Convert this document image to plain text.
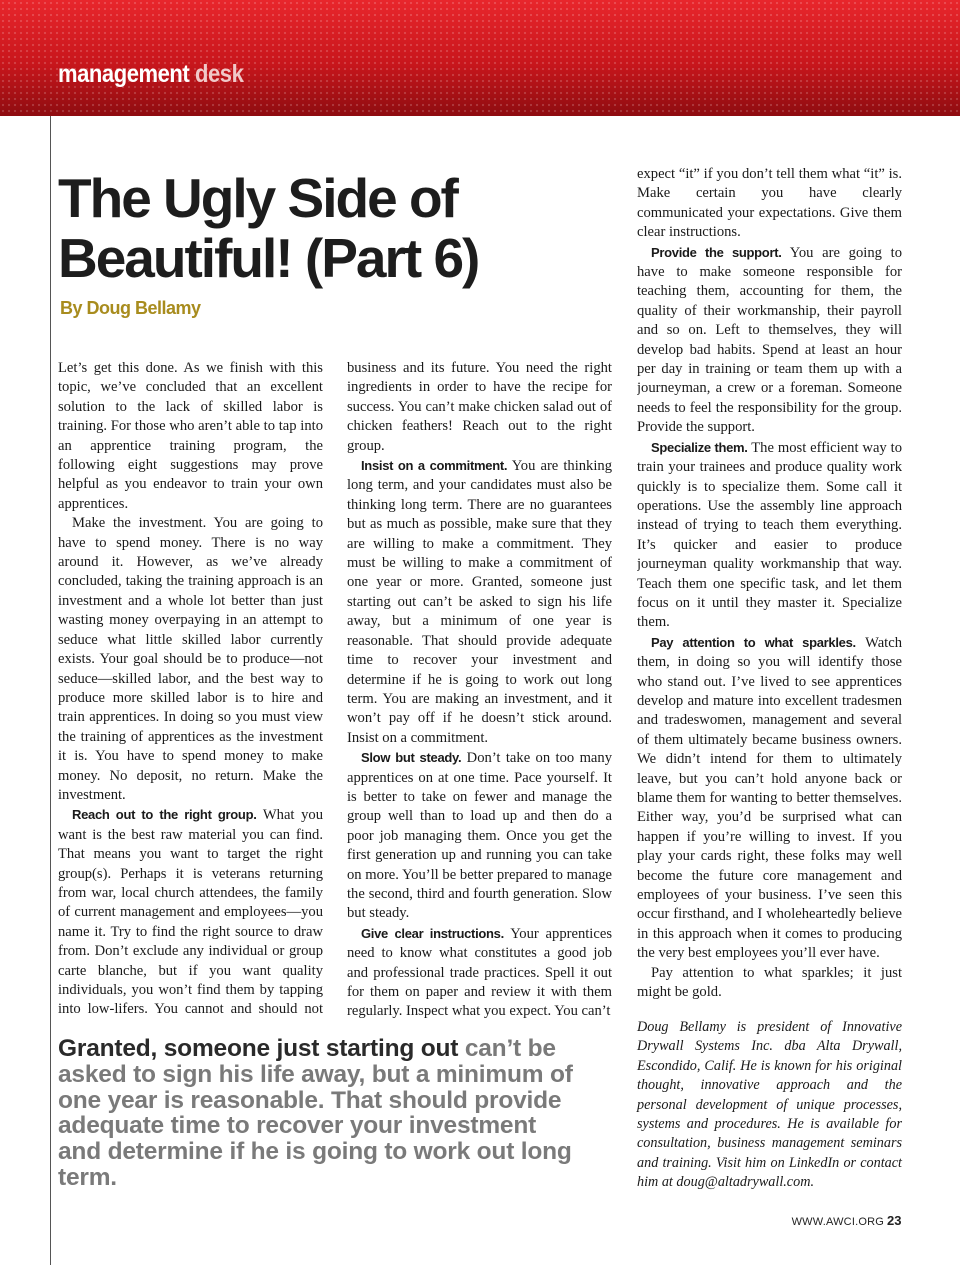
management desk
The Ugly Side of
Beautiful! (Part 6)

By Doug Bellamy

Let’s get this done. As we finish with this topic, we’ve concluded that an excellent solution to the lack of skilled labor is training. For those who aren’t able to tap into an apprentice training program, the following eight suggestions may prove helpful as you endeavor to train your own apprentices.

Make the investment. You are going to have to spend money. There is no way around it. However, as we’ve already concluded, taking the training approach is an investment and a whole lot better than just wasting money overpaying in an attempt to seduce what little skilled labor currently exists. Your goal should be to produce—not seduce—skilled labor, and the best way to produce more skilled labor is to hire and train apprentices. In doing so you must view the training of apprentices as the investment it is. You have to spend money to make money. No deposit, no return. Make the investment.

Reach out to the right group. What you want is the best raw material you can find. That means you want to target the right group(s). Perhaps it is veterans returning from war, local church attendees, the family of current management and employees—you name it. Try to find the right source to draw from. Don’t exclude any individual or group carte blanche, but if you want quality individuals, you won’t find them by tapping into low-lifers. You cannot and should not

business and its future. You need the right ingredients in order to have the recipe for success. You can’t make chicken salad out of chicken feathers! Reach out to the right group.

Insist on a commitment. You are thinking long term, and your candidates must also be thinking long term. There are no guarantees but as much as possible, make sure that they are willing to make a commitment. They must be willing to make a commitment of one year or more. Granted, someone just starting out can’t be asked to sign his life away, but a minimum of one year is reasonable. That should provide adequate time to recover your investment and determine if he is going to work out long term. You are making an investment, and it won’t pay off if he doesn’t stick around. Insist on a commitment.

Slow but steady. Don’t take on too many apprentices on at one time. Pace yourself. It is better to take on fewer and manage the group well than to load up and then do a poor job managing them. Once you get the first generation up and running you can take on more. You’ll be better prepared to manage the second, third and fourth generation. Slow but steady.

Give clear instructions. Your apprentices need to know what constitutes a good job and professional trade practices. Spell it out for them on paper and review it with them regularly. Inspect what you expect. You can’t

expect “it” if you don’t tell them what “it” is. Make certain you have clearly communicated your expectations. Give them clear instructions.

Provide the support. You are going to have to make someone responsible for teaching them, accounting for them, the quality of their workmanship, their payroll and so on. Left to themselves, they will develop bad habits. Spend at least an hour per day in training or team them up with a journeyman, a crew or a foreman. Someone needs to feel the responsibility for the group. Provide the support.

Specialize them. The most efficient way to train your trainees and produce quality work quickly is to specialize them. Some call it operations. Use the assembly line approach instead of trying to teach them everything. It’s quicker and easier to produce journeyman quality workmanship that way. Teach them one specific task, and let them focus on it until they master it. Specialize them.

Pay attention to what sparkles. Watch them, in doing so you will identify those who stand out. I’ve lived to see apprentices develop and mature into excellent tradesmen and tradeswomen, management and several of them ultimately became business owners. We didn’t intend for them to ultimately leave, but you can’t hold anyone back or blame them for wanting to better themselves. Either way, you’d be surprised what can happen if you’re willing to invest. If you play your cards right, these folks may well become the future core management and employees of your business. I’ve seen this occur firsthand, and I wholeheartedly believe in this approach when it comes to producing the very best employees you’ll ever have.

Pay attention to what sparkles; it just might be gold.

Doug Bellamy is president of Innovative Drywall Systems Inc. dba Alta Drywall, Escondido, Calif. He is known for his original thought, innovative approach and the personal development of unique processes, systems and procedures. He is available for consultation, business management seminars and training. Visit him on LinkedIn or contact him at doug@altadrywall.com.

Granted, someone just starting out can’t be asked to sign his life away, but a minimum of one year is reasonable. That should provide adequate time to recover your investment and determine if he is going to work out long term.

WWW.AWCI.ORG 23
